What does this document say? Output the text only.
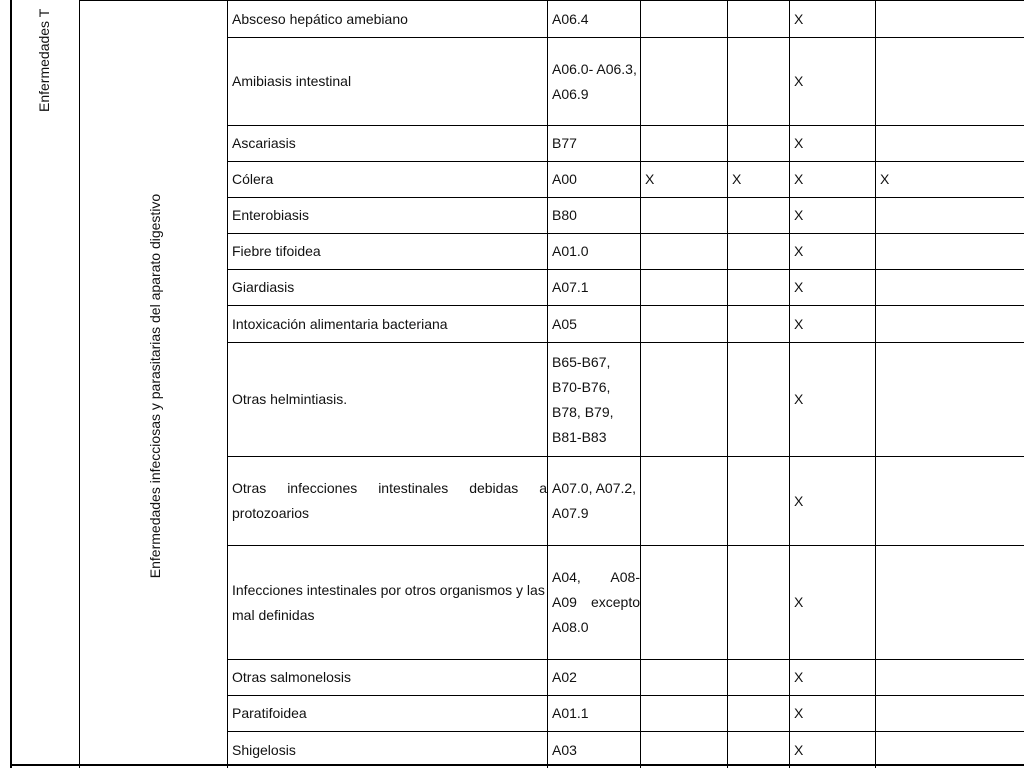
Enfermedades T
Enfermedades infecciosas y parasitarias del aparato digestivo	Absceso hepático amebiano	A06.4			X	
	Amibiasis intestinal	A06.0- A06.3, A06.9			X	
	Ascariasis	B77			X	
	Cólera	A00	X	X	X	X
	Enterobiasis	B80			X	
	Fiebre tifoidea	A01.0			X	
	Giardiasis	A07.1			X	
	Intoxicación alimentaria bacteriana	A05			X	
	Otras helmintiasis.	B65-B67, B70-B76, B78, B79, B81-B83			X	
	Otras infecciones intestinales debidas a protozoarios	A07.0, A07.2, A07.9			X	
	Infecciones intestinales por otros organismos y las mal definidas	A04, A08- A09 excepto A08.0			X	
	Otras salmonelosis	A02			X	
	Paratifoidea	A01.1			X	
	Shigelosis	A03			X	
